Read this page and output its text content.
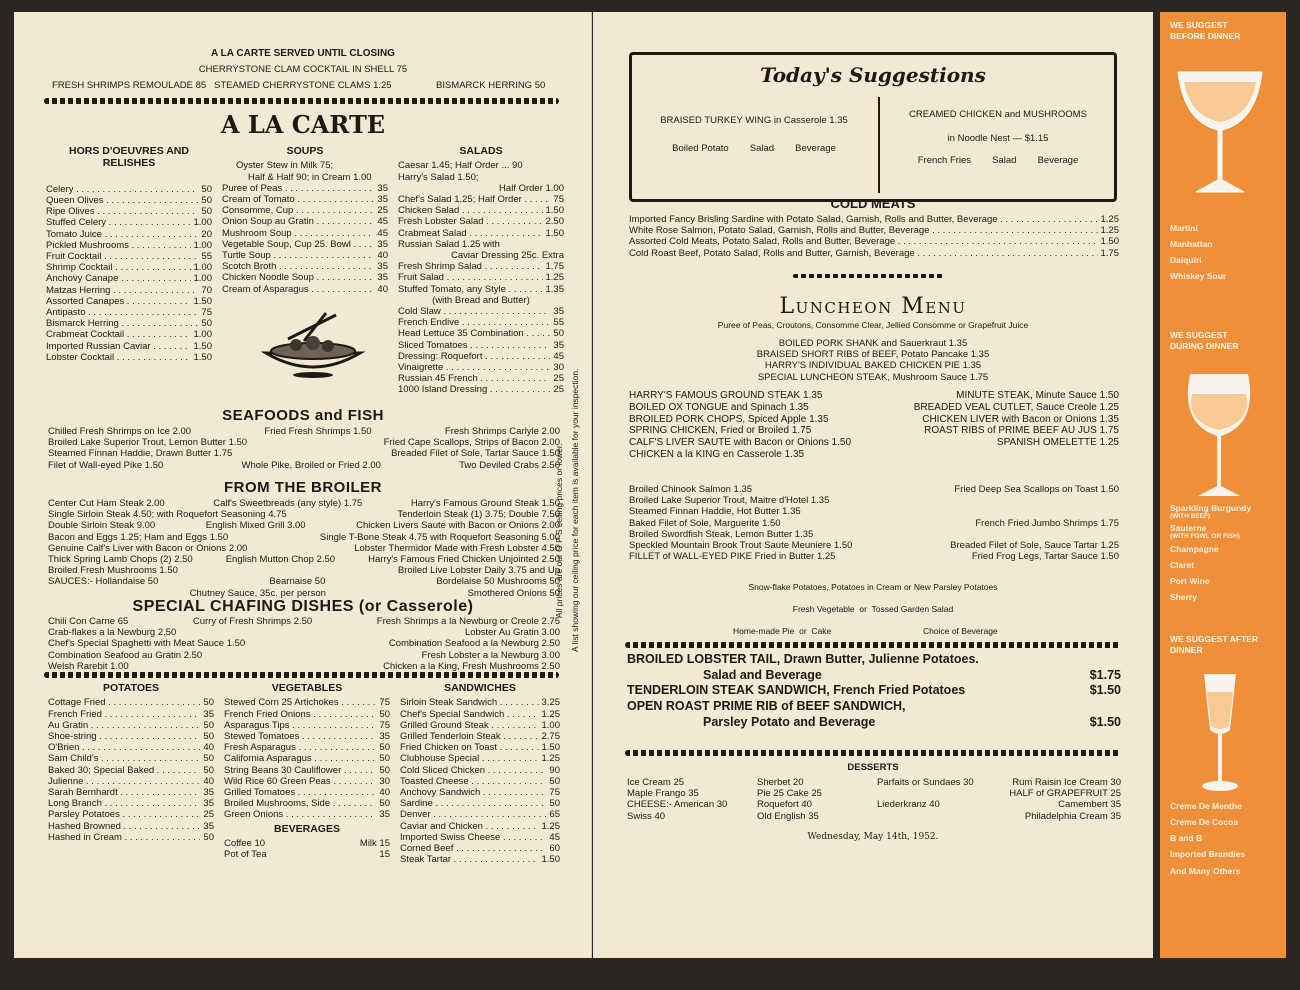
A LA CARTE SERVED UNTIL CLOSING
CHERRYSTONE CLAM COCKTAIL IN SHELL 75
FRESH SHRIMPS REMOULADE 85 STEAMED CHERRYSTONE CLAMS 1.25	BISMARCK HERRING 50
A LA CARTE
HORS D'OEUVRES AND RELISHES
Celery . . .	50
Queen Olives . . .	50
Ripe Olives . . .	50
Stuffed Celery . . .	1.00
Tomato Juice . . .	20
Pickled Mushrooms . . .	1.00
Fruit Cocktail . . .	55
Shrimp Cocktail . . .	1.00
Anchovy Canape . . .	1.00
Matzas Herring . . .	70
Assorted Canapes . . .	1.50
Antipasto . . .	75
Bismarck Herring . . .	50
Crabmeat Cocktail . . .	1.00
Imported Russian Caviar . . .	1.50
Lobster Cocktail . . .	1.50
SOUPS
Oyster Stew in Milk 75;
Half & Half 90; in Cream 1.00
Puree of Peas . . .	35
Cream of Tomato . . .	35
Consomme, Cup . . .	25
Onion Soup au Gratin . . .	45
Mushroom Soup . . .	45
Vegetable Soup, Cup 25. Bowl . . .	35
Turtle Soup . . .	40
Scotch Broth . . .	35
Chicken Noodle Soup . . .	35
Cream of Asparagus . . .	40
SALADS
Caesar 1.45; Half Order ... 90
Harry's Salad 1.50;
Half Order 1.00
Chef's Salad 1.25; Half Order . . .	75
Chicken Salad . . .	1.50
Fresh Lobster Salad . . .	2.50
Crabmeat Salad . . .	1.50
Russian Salad 1.25 with
Caviar Dressing 25c. Extra
Fresh Shrimp Salad . . .	1.75
Fruit Salad . . .	1.25
Stuffed Tomato, any Style . . .	1.35
(with Bread and Butter)
Cold Slaw . . .	35
French Endive . . .	55
Head Lettuce 35 Combination . . .	50
Sliced Tomatoes . . .	35
Dressing: Roquefort . . .	45
Vinaigrette . . .	30
Russian 45 French . . .	25
1000 Island Dressing . . .	25
SEAFOODS and FISH
Chilled Fresh Shrimps on Ice 2.00	Fried Fresh Shrimps 1.50	Fresh Shrimps Carlyle 2.00
Broiled Lake Superior Trout, Lemon Butter 1.50	Fried Cape Scallops, Strips of Bacon 2.00
Steamed Finnan Haddie, Drawn Butter 1.75	Breaded Filet of Sole, Tartar Sauce 1.50
Filet of Wall-eyed Pike 1.50	Whole Pike, Broiled or Fried 2.00	Two Deviled Crabs 2.50
FROM THE BROILER
Center Cut Ham Steak 2.00	Calf's Sweetbreads (any style) 1.75	Harry's Famous Ground Steak 1.50
Single Sirloin Steak 4.50; with Roquefort Seasoning 4.75	Tenderloin Steak (1) 3.75; Double 7.50
Double Sirloin Steak 9.00	English Mixed Grill 3.00	Chicken Livers Saute with Bacon or Onions 2.00
Bacon and Eggs 1.25; Ham and Eggs 1.50	Single T-Bone Steak 4.75 with Roquefort Seasoning 5.00
Genuine Calf's Liver with Bacon or Onions 2.00	Lobster Thermidor Made with Fresh Lobster 4.50
Thick Spring Lamb Chops (2) 2.50	English Mutton Chop 2.50	Harry's Famous Fried Chicken Unjointed 2.50
Broiled Fresh Mushrooms 1.50	Broiled Live Lobster Daily 3.75 and Up
SAUCES:- Hollandaise 50	Bearnaise 50	Bordelaise 50 Mushrooms 50
Chutney Sauce, 35c. per person	Smothered Onions 50
SPECIAL CHAFING DISHES (or Casserole)
Chili Con Carne 65	Curry of Fresh Shrimps 2.50	Fresh Shrimps a la Newburg or Creole 2.75
Crab-flakes a la Newburg 2.50	Lobster Au Gratin 3.00
Chef's Special Spaghetti with Meat Sauce 1.50	Combination Seafood a la Newburg 2.50
Combination Seafood au Gratin 2.50	Fresh Lobster a la Newburg 3.00
Welsh Rarebit 1.00	Chicken a la King, Fresh Mushrooms 2.50
POTATOES
Cottage Fried . . .	50
French Fried . . .	35
Au Gratin . . .	50
Shoe-string . . .	50
O'Brien . . .	40
Sam Child's . . .	50
Baked 30; Special Baked . . .	50
Julienne . . .	40
Sarah Bernhardt . . .	35
Long Branch . . .	35
Parsley Potatoes . . .	25
Hashed Browned . . .	35
Hashed in Cream . . .	50
VEGETABLES
Stewed Corn 25 Artichokes . . .	75
French Fried Onions . . .	50
Asparagus Tips . . .	75
Stewed Tomatoes . . .	35
Fresh Asparagus . . .	50
California Asparagus . . .	50
String Beans 30 Cauliflower . . .	50
Wild Rice 60 Green Peas . . .	30
Grilled Tomatoes . . .	40
Broiled Mushrooms, Side . . .	50
Green Onions . . .	35
BEVERAGES
Coffee 10	Milk 15
Pot of Tea	15
SANDWICHES
Sirloin Steak Sandwich . . .	3.25
Chef's Special Sandwich . . .	1.25
Grilled Ground Steak . . .	1.00
Grilled Tenderloin Steak . . .	2.75
Fried Chicken on Toast . . .	1.50
Clubhouse Special . . .	1.25
Cold Sliced Chicken . . .	90
Toasted Cheese . . .	50
Anchovy Sandwich . . .	75
Sardine . . .	50
Denver . . .	65
Caviar and Chicken . . .	1.25
Imported Swiss Cheese . . .	45
Corned Beef . . .	60
Steak Tartar . . .	1.50
All prices are our O P S ceiling prices or lower. A list showing our ceiling price for each item is available for your inspection.
Today's Suggestions
BRAISED TURKEY WING in Casserole 1.35
Boiled Potato        Salad        Beverage
CREAMED CHICKEN and MUSHROOMS
in Noodle Nest — $1.15
French Fries        Salad        Beverage
COLD MEATS
Imported Fancy Brisling Sardine with Potato Salad, Garnish, Rolls and Butter, Beverage . . .	1.25
White Rose Salmon, Potato Salad, Garnish, Rolls and Butter, Beverage . . .	1.25
Assorted Cold Meats, Potato Salad, Rolls and Butter, Beverage . . .	1.50
Cold Roast Beef, Potato Salad, Rolls and Butter, Garnish, Beverage . . .	1.75
Luncheon Menu
Puree of Peas, Croutons, Consomme Clear, Jellied Consomme or Grapefruit Juice
BOILED PORK SHANK and Sauerkraut 1.35
BRAISED SHORT RIBS of BEEF, Potato Pancake 1.35
HARRY'S INDIVIDUAL BAKED CHICKEN PIE 1.35
SPECIAL LUNCHEON STEAK, Mushroom Sauce 1.75
HARRY'S FAMOUS GROUND STEAK 1.35	MINUTE STEAK, Minute Sauce 1.50
BOILED OX TONGUE and Spinach 1.35	BREADED VEAL CUTLET, Sauce Creole 1.25
BROILED PORK CHOPS, Spiced Apple 1.35	CHICKEN LIVER with Bacon or Onions 1.35
SPRING CHICKEN, Fried or Broiled 1.75	ROAST RIBS of PRIME BEEF AU JUS 1.75
CALF'S LIVER SAUTE with Bacon or Onions 1.50	SPANISH OMELETTE 1.25
CHICKEN a la KING en Casserole 1.35
Broiled Chinook Salmon 1.35	Fried Deep Sea Scallops on Toast 1.50
Broiled Lake Superior Trout, Maitre d'Hotel 1.35
Steamed Finnan Haddie, Hot Butter 1.35
Baked Filet of Sole, Marguerite 1.50	French Fried Jumbo Shrimps 1.75
Broiled Swordfish Steak, Lemon Butter 1.35
Speckled Mountain Brook Trout Saute Meuniere 1.50	Breaded Filet of Sole, Sauce Tartar 1.25
FILLET of WALL-EYED PIKE Fried in Butter 1.25	Fried Frog Legs, Tartar Sauce 1.50
Snow-flake Potatoes, Potatoes in Cream or New Parsley Potatoes
Fresh Vegetable  or  Tossed Garden Salad
Home-made Pie  or  Cake	Choice of Beverage
BROILED LOBSTER TAIL, Drawn Butter, Julienne Potatoes.
Salad and Beverage	$1.75
TENDERLOIN STEAK SANDWICH, French Fried Potatoes	$1.50
OPEN ROAST PRIME RIB of BEEF SANDWICH,
Parsley Potato and Beverage	$1.50
DESSERTS
Ice Cream 25	Sherbet 20	Parfaits or Sundaes 30	Rum Raisin Ice Cream 30
Maple Frango 35	Pie 25 Cake 25	HALF of GRAPEFRUIT 25
CHEESE:- American 30	Roquefort 40	Liederkranz 40	Camembert 35
Swiss 40	Old English 35	Philadelphia Cream 35
Wednesday, May 14th, 1952.
WE SUGGEST BEFORE DINNER
Martini
Manhattan
Daiquiri
Whiskey Sour
WE SUGGEST DURING DINNER
Sparkling Burgundy
(WITH BEEF)
Sauterne
(WITH FOWL OR FISH)
Champagne
Claret
Port Wine
Sherry
WE SUGGEST AFTER DINNER
Creme De Menthe
Creme De Cocoa
B and B
Imported Brandies
And Many Others
